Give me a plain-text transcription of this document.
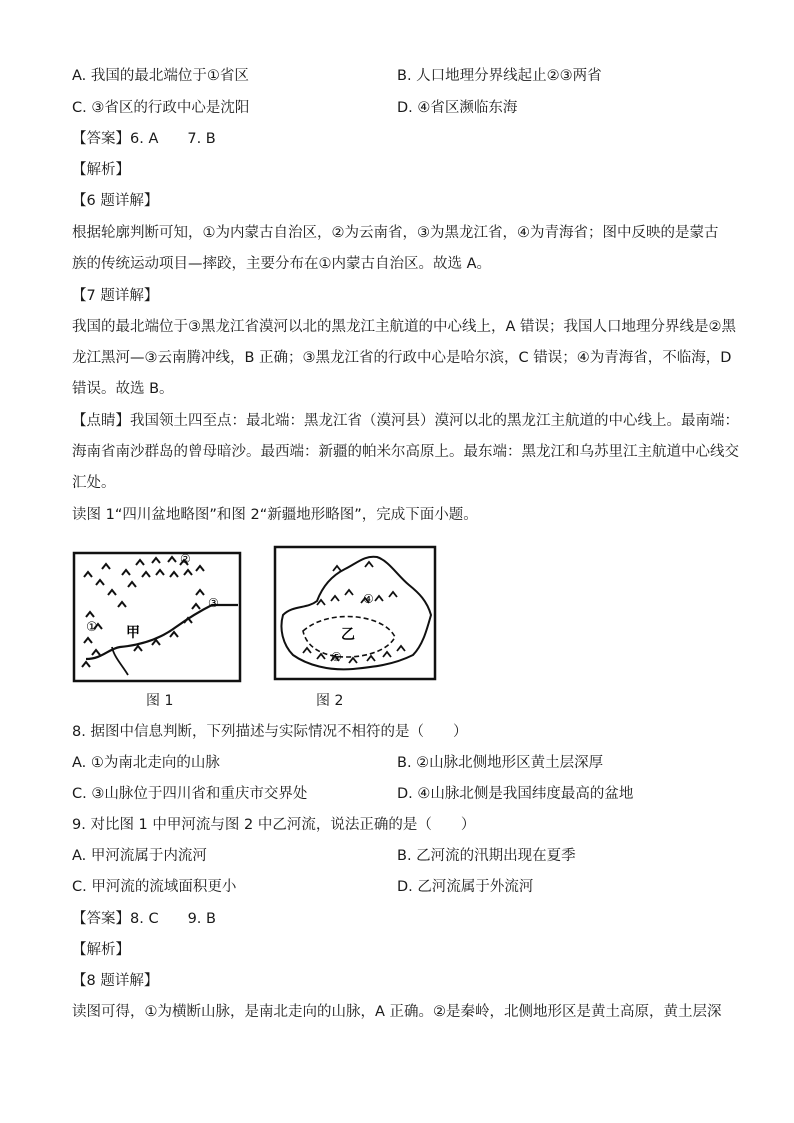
A. 我国的最北端位于①省区	B. 人口地理分界线起止②③两省
C. ③省区的行政中心是沈阳	D. ④省区濒临东海
【答案】6. A　　7. B
【解析】
【6 题详解】
根据轮廓判断可知，①为内蒙古自治区，②为云南省，③为黑龙江省，④为青海省；图中反映的是蒙古
族的传统运动项目—摔跤，主要分布在①内蒙古自治区。故选 A。
【7 题详解】
我国的最北端位于③黑龙江省漠河以北的黑龙江主航道的中心线上，A 错误；我国人口地理分界线是②黑
龙江黑河—③云南腾冲线，B 正确；③黑龙江省的行政中心是哈尔滨，C 错误；④为青海省，不临海，D
错误。故选 B。
【点睛】我国领土四至点：最北端：黑龙江省（漠河县）漠河以北的黑龙江主航道的中心线上。最南端：
海南省南沙群岛的曾母暗沙。最西端：新疆的帕米尔高原上。最东端：黑龙江和乌苏里江主航道中心线交
汇处。
读图 1“四川盆地略图”和图 2“新疆地形略图”，完成下面小题。
②
③
① 甲
④
⑤
乙
图 1	图 2
8. 据图中信息判断，下列描述与实际情况不相符的是（　　）
A. ①为南北走向的山脉	B. ②山脉北侧地形区黄土层深厚
C. ③山脉位于四川省和重庆市交界处	D. ④山脉北侧是我国纬度最高的盆地
9. 对比图 1 中甲河流与图 2 中乙河流，说法正确的是（　　）
A. 甲河流属于内流河	B. 乙河流的汛期出现在夏季
C. 甲河流的流域面积更小	D. 乙河流属于外流河
【答案】8. C　　9. B
【解析】
【8 题详解】
读图可得，①为横断山脉，是南北走向的山脉，A 正确。②是秦岭，北侧地形区是黄土高原，黄土层深
